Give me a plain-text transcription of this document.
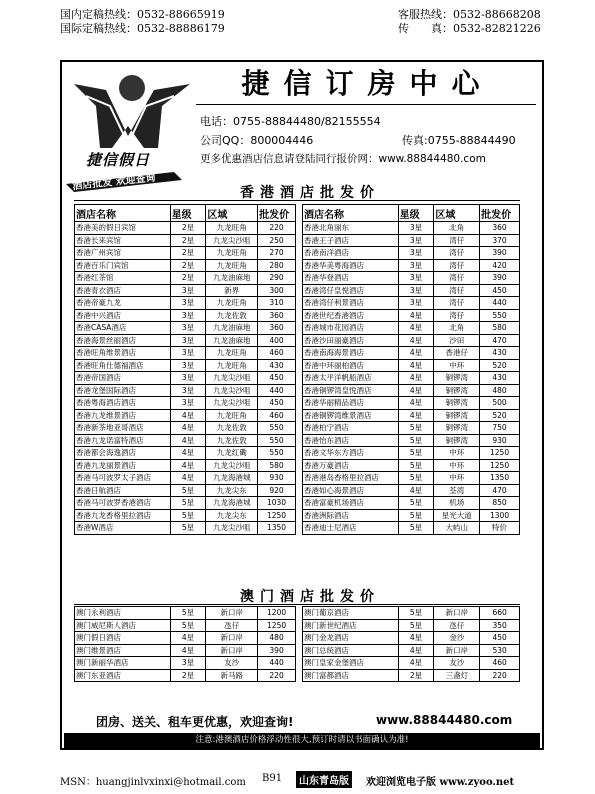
国内定稿热线：0532-88665919
国际定稿热线：0532-88886179
客服热线：0532-88668208
传　　真：0532-82821226
捷信假日
捷信订房中心
电话：0755-88844480/82155554
公司QQ：800004446	传真:0755-88844490
更多优惠酒店信息请登陆同行报价网：www.88844480.com
酒店批发 欢迎查询
香港酒店批发价
酒店名称	星级	区域	批发价
香港美的假日宾馆	2星	九龙旺角	220
香港长来宾馆	2星	九龙尖沙咀	250
香港广州宾馆	2星	九龙旺角	270
香港百乐门宾馆	2星	九龙旺角	280
香港红茶馆	2星	九龙油麻地	290
香港青衣酒店	3星	新界	300
香港帝豪九龙	3星	九龙旺角	310
香港中兴酒店	3星	九龙佐敦	360
香港CASA酒店	3星	九龙油麻地	360
香港海景丝丽酒店	3星	九龙油麻地	400
香港旺角维景酒店	3星	九龙旺角	460
香港旺角仕德福酒店	3星	九龙旺角	430
香港帝国酒店	3星	九龙尖沙咀	450
香港龙堡国际酒店	3星	九龙尖沙咀	440
香港粤海酒店酒店	3星	九龙尖沙咀	450
香港九龙维景酒店	4星	九龙旺角	460
香港新茶地亚哥酒店	4星	九龙佐敦	550
香港九龙诺富特酒店	4星	九龙佐敦	550
香港都会海逸酒店	4星	九龙红磡	550
香港九龙丽景酒店	4星	九龙尖沙咀	580
香港马可波罗太子酒店	4星	九龙海港城	930
香港日航酒店	5星	九龙尖东	920
香港马可波罗香港酒店	5星	九龙海港城	1030
香港九龙香格里拉酒店	5星	九龙尖东	1250
香港W酒店	5星	九龙尖沙咀	1350
酒店名称	星级	区域	批发价
香港北角丽东	3星	北角	360
香港王子酒店	3星	湾仔	370
香港南洋酒店	3星	湾仔	390
香港华美粤海酒店	3星	湾仔	420
香港华登酒店	3星	湾仔	390
香港湾仔皇悦酒店	3星	湾仔	450
香港湾仔利景酒店	3星	湾仔	440
香港世纪香港酒店	4星	湾仔	550
香港城市花园酒店	4星	北角	580
香港沙田丽豪酒店	4星	沙田	470
香港南海海景酒店	4星	香港仔	430
香港中环丽柏酒店	4星	中环	520
香港太平洋帆船酒店	4星	铜锣湾	430
香港铜锣湾皇悦酒店	4星	铜锣湾	480
香港华丽精品酒店	4星	铜锣湾	500
香港铜锣湾维景酒店	4星	铜锣湾	520
香港柏宁酒店	5星	铜锣湾	750
香港怡东酒店	5星	铜锣湾	930
香港文华东方酒店	5星	中环	1250
香港万豪酒店	5星	中环	1250
香港港岛香格里拉酒店	5星	中环	1350
香港如心海景酒店	4星	荃湾	470
香港富豪机场酒店	5星	机场	850
香港洲际酒店	5星	星光大道	1300
香港迪士尼酒店	5星	大屿山	特价
澳门酒店批发价
澳门永利酒店	5星	新口岸	1200
澳门威尼斯人酒店	5星	氹仔	1250
澳门假日酒店	4星	新口岸	480
澳门维景酒店	4星	新口岸	390
澳门新丽华酒店	3星	友沙	440
澳门东亚酒店	2星	新马路	220
澳门葡京酒店	5星	新口岸	660
澳门新世纪酒店	5星	氹仔	350
澳门金龙酒店	4星	金沙	450
澳门总统酒店	4星	新口岸	530
澳门皇家金堡酒店	4星	友沙	460
澳门富都酒店	2星	三盏灯	220
团房、送关、租车更优惠，欢迎查询!	www.88844480.com
注意:港澳酒店价格浮动性很大,预订时请以书面确认为准!
MSN：huangjinlvxinxi@hotmail.com B91	山东青岛版	欢迎浏览电子版 www.zyoo.net
